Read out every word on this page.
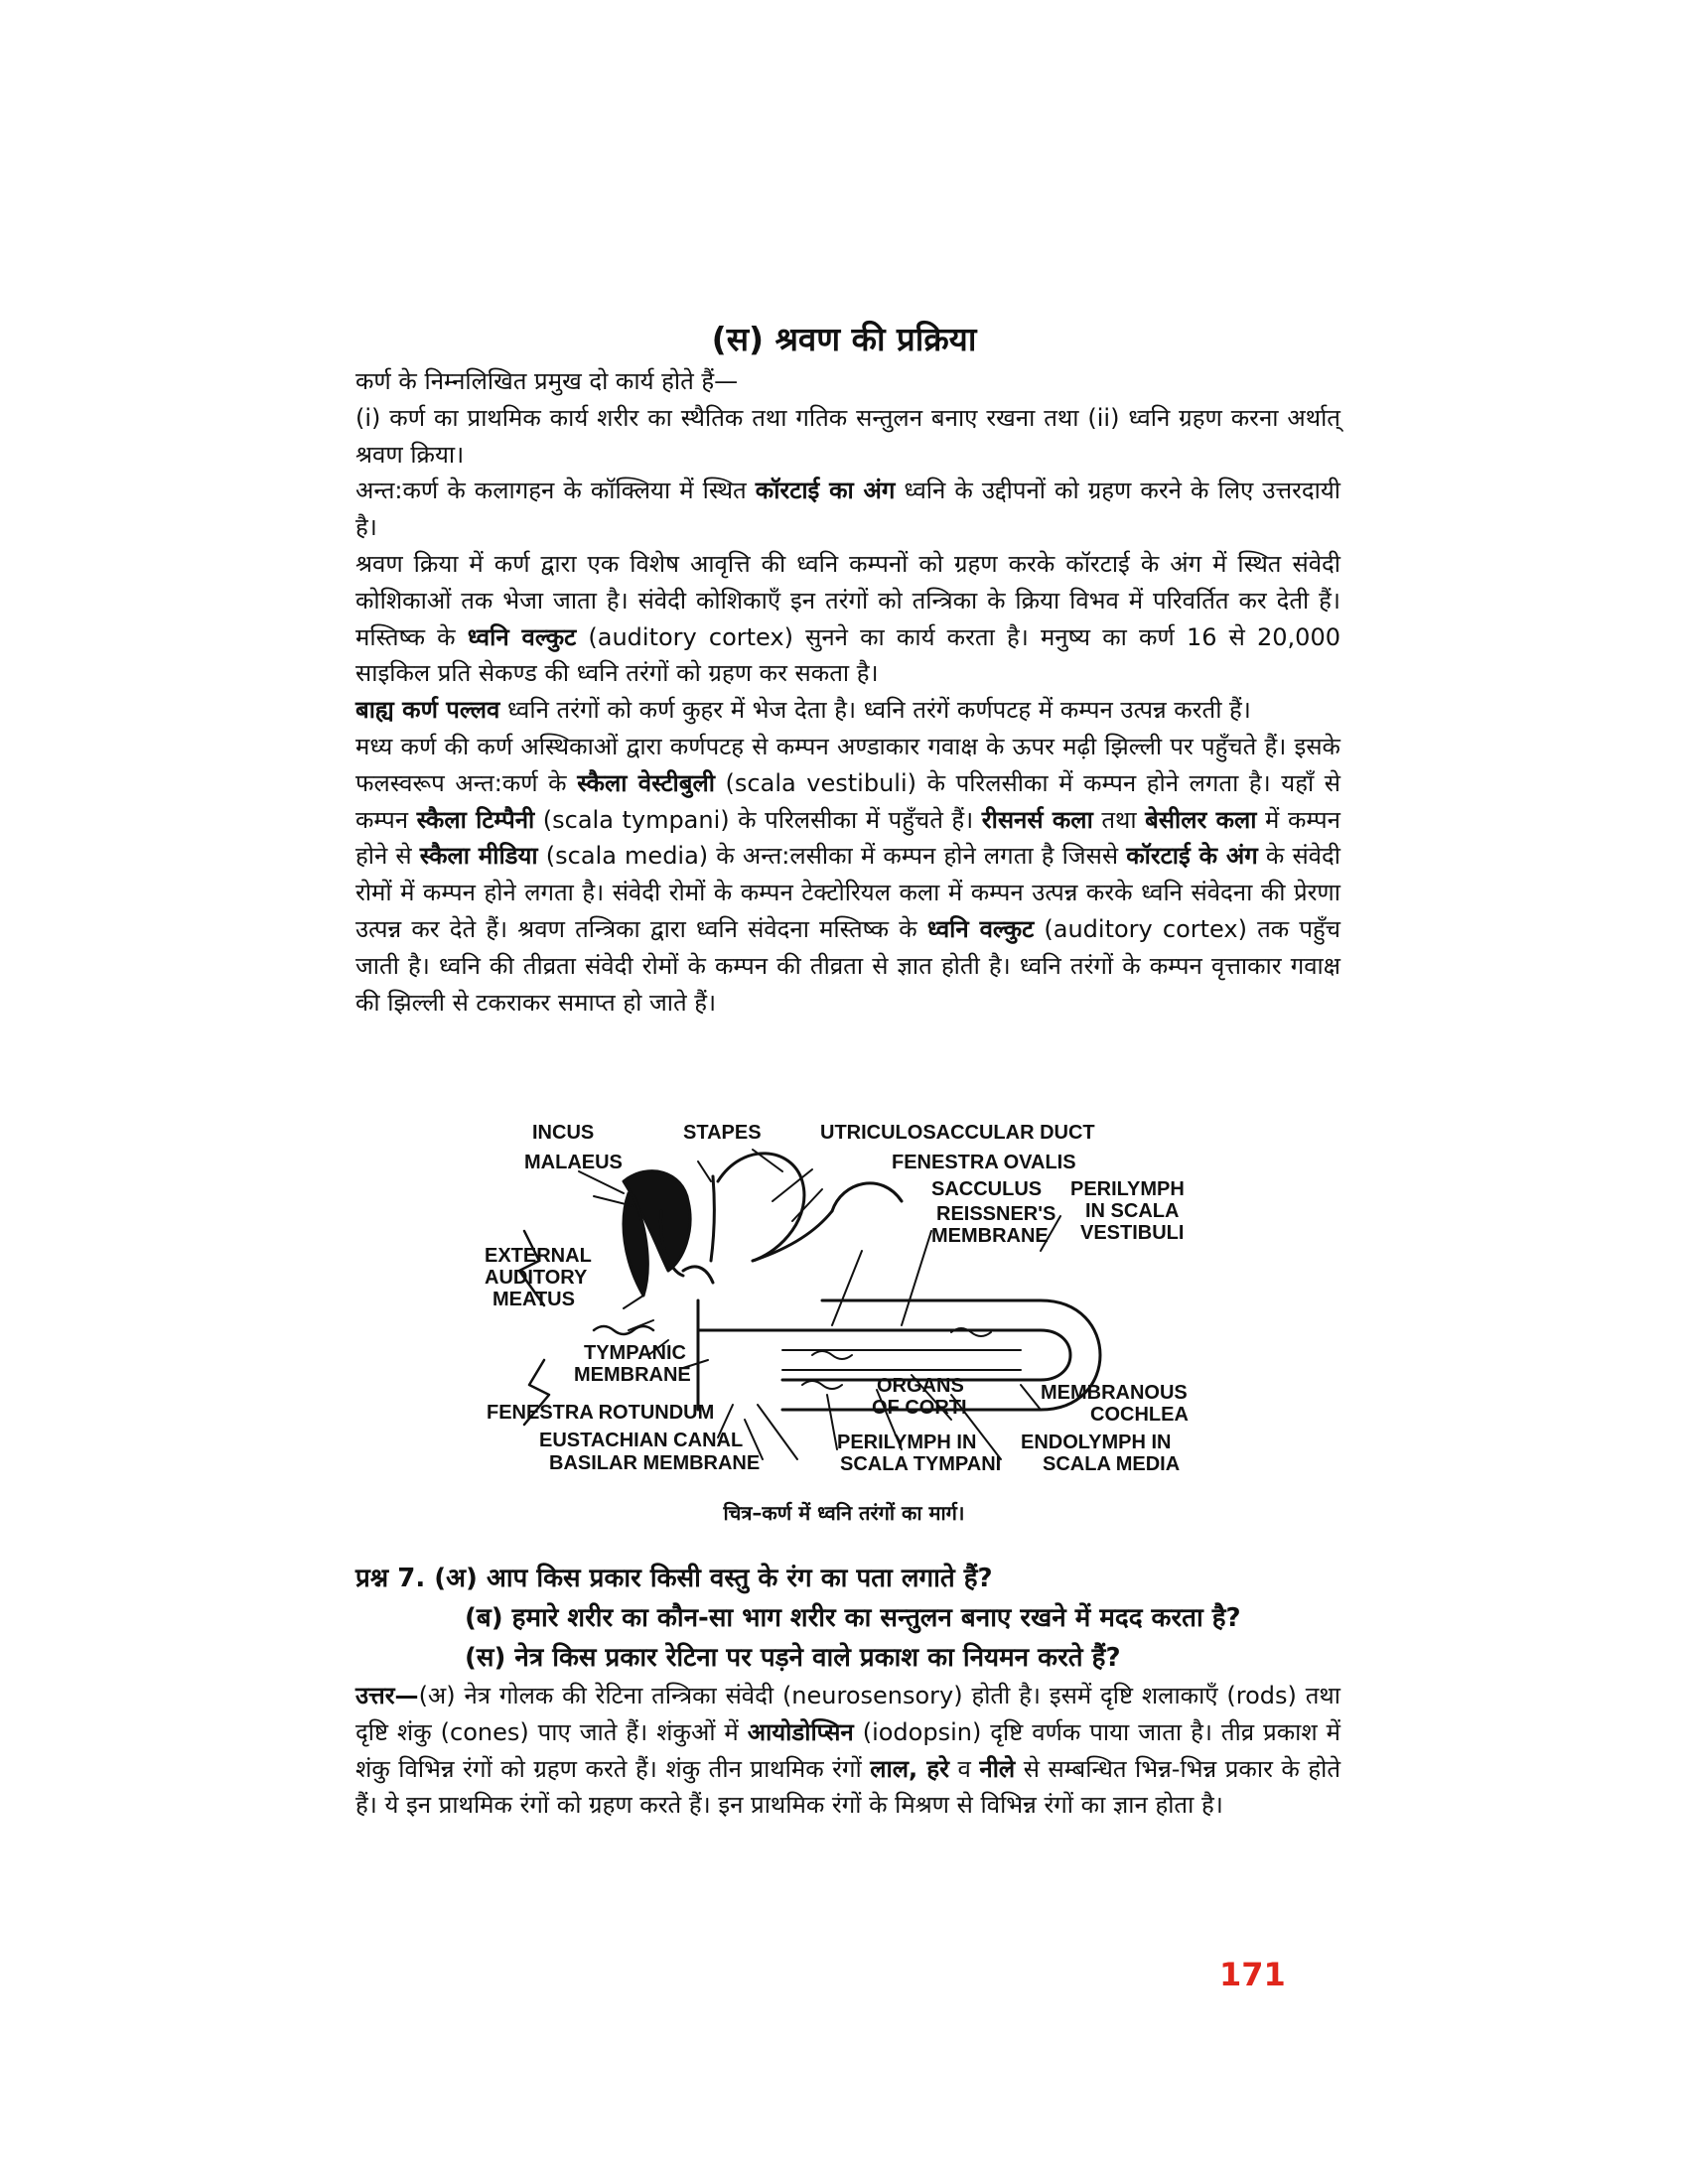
(स) श्रवण की प्रक्रिया

कर्ण के निम्नलिखित प्रमुख दो कार्य होते हैं—

(i) कर्ण का प्राथमिक कार्य शरीर का स्थैतिक तथा गतिक सन्तुलन बनाए रखना तथा (ii) ध्वनि ग्रहण करना अर्थात् श्रवण क्रिया।

अन्त:कर्ण के कलागहन के कॉक्लिया में स्थित कॉरटाई का अंग ध्वनि के उद्दीपनों को ग्रहण करने के लिए उत्तरदायी है।

श्रवण क्रिया में कर्ण द्वारा एक विशेष आवृत्ति की ध्वनि कम्पनों को ग्रहण करके कॉरटाई के अंग में स्थित संवेदी कोशिकाओं तक भेजा जाता है। संवेदी कोशिकाएँ इन तरंगों को तन्त्रिका के क्रिया विभव में परिवर्तित कर देती हैं। मस्तिष्क के ध्वनि वल्कुट (auditory cortex) सुनने का कार्य करता है। मनुष्य का कर्ण 16 से 20,000 साइकिल प्रति सेकण्ड की ध्वनि तरंगों को ग्रहण कर सकता है।

बाह्य कर्ण पल्लव ध्वनि तरंगों को कर्ण कुहर में भेज देता है। ध्वनि तरंगें कर्णपटह में कम्पन उत्पन्न करती हैं।

मध्य कर्ण की कर्ण अस्थिकाओं द्वारा कर्णपटह से कम्पन अण्डाकार गवाक्ष के ऊपर मढ़ी झिल्ली पर पहुँचते हैं। इसके फलस्वरूप अन्त:कर्ण के स्कैला वेस्टीबुली (scala vestibuli) के परिलसीका में कम्पन होने लगता है। यहाँ से कम्पन स्कैला टिम्पैनी (scala tympani) के परिलसीका में पहुँचते हैं। रीसनर्स कला तथा बेसीलर कला में कम्पन होने से स्कैला मीडिया (scala media) के अन्त:लसीका में कम्पन होने लगता है जिससे कॉरटाई के अंग के संवेदी रोमों में कम्पन होने लगता है। संवेदी रोमों के कम्पन टेक्टोरियल कला में कम्पन उत्पन्न करके ध्वनि संवेदना की प्रेरणा उत्पन्न कर देते हैं। श्रवण तन्त्रिका द्वारा ध्वनि संवेदना मस्तिष्क के ध्वनि वल्कुट (auditory cortex) तक पहुँच जाती है। ध्वनि की तीव्रता संवेदी रोमों के कम्पन की तीव्रता से ज्ञात होती है। ध्वनि तरंगों के कम्पन वृत्ताकार गवाक्ष की झिल्ली से टकराकर समाप्त हो जाते हैं।

INCUS	STAPES	UTRICULOSACCULAR DUCT
MALAEUS	FENESTRA OVALIS
SACCULUS PERILYMPH
IN SCALA
VESTIBULI
REISSNER'S
MEMBRANE
EXTERNAL
AUDITORY
MEATUS
TYMPANIC
MEMBRANE	ORGANS
OF CORTI
MEMBRANOUS
COCHLEA
FENESTRA ROTUNDUM
EUSTACHIAN CANAL
BASILAR MEMBRANE
PERILYMPH IN
SCALA TYMPANI
ENDOLYMPH IN
SCALA MEDIA
चित्र–कर्ण में ध्वनि तरंगों का मार्ग।
प्रश्न 7. (अ) आप किस प्रकार किसी वस्तु के रंग का पता लगाते हैं?
(ब) हमारे शरीर का कौन-सा भाग शरीर का सन्तुलन बनाए रखने में मदद करता है?
(स) नेत्र किस प्रकार रेटिना पर पड़ने वाले प्रकाश का नियमन करते हैं?
उत्तर—(अ) नेत्र गोलक की रेटिना तन्त्रिका संवेदी (neurosensory) होती है। इसमें दृष्टि शलाकाएँ (rods) तथा दृष्टि शंकु (cones) पाए जाते हैं। शंकुओं में आयोडोप्सिन (iodopsin) दृष्टि वर्णक पाया जाता है। तीव्र प्रकाश में शंकु विभिन्न रंगों को ग्रहण करते हैं। शंकु तीन प्राथमिक रंगों लाल, हरे व नीले से सम्बन्धित भिन्न-भिन्न प्रकार के होते हैं। ये इन प्राथमिक रंगों को ग्रहण करते हैं। इन प्राथमिक रंगों के मिश्रण से विभिन्न रंगों का ज्ञान होता है।
171
